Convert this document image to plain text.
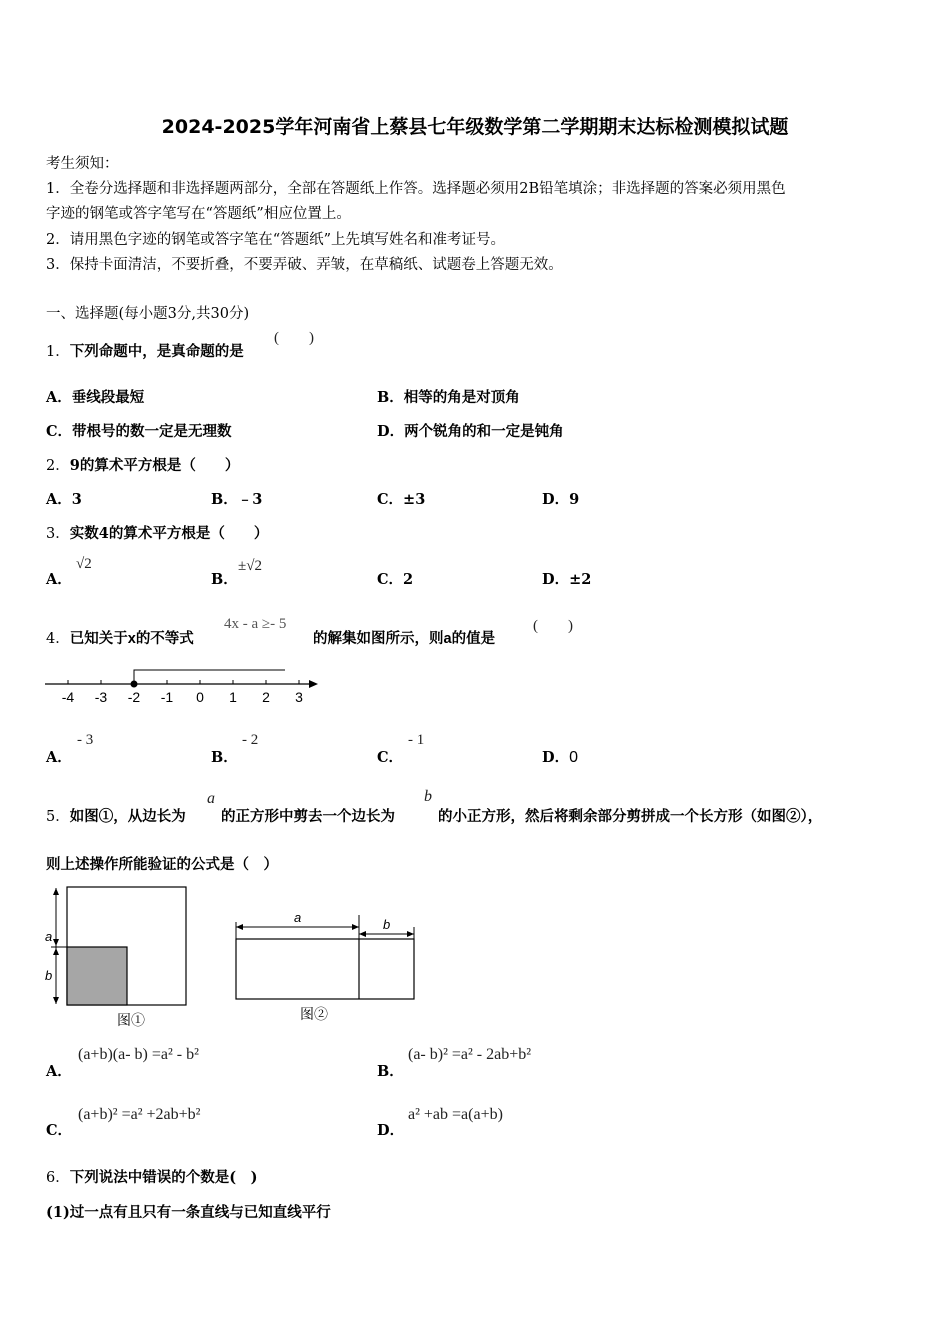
2024-2025学年河南省上蔡县七年级数学第二学期期末达标检测模拟试题
考生须知：
1．全卷分选择题和非选择题两部分，全部在答题纸上作答。选择题必须用2B铅笔填涂；非选择题的答案必须用黑色
字迹的钢笔或答字笔写在“答题纸”相应位置上。
2．请用黑色字迹的钢笔或答字笔在“答题纸”上先填写姓名和准考证号。
3．保持卡面清洁，不要折叠，不要弄破、弄皱，在草稿纸、试题卷上答题无效。
一、选择题(每小题3分,共30分)
1．下列命题中，是真命题的是
(　　)
A．垂线段最短	B．相等的角是对顶角
C．带根号的数一定是无理数	D．两个锐角的和一定是钝角
2．9的算术平方根是（　　）
A．3	B．﹣3	C．±3	D．9
3．实数4的算术平方根是（　　）
A．
√2
B．
±√2
C．2	D．±2
4．已知关于x的不等式
4x - a ≥- 5
的解集如图所示，则a的值是
(　　)
-4 -3 -2 -1 0 1 2 3
A．
- 3
B．
- 2
C．
- 1
D．0
5．如图①，从边长为
a
的正方形中剪去一个边长为
b
的小正方形，然后将剩余部分剪拼成一个长方形（如图②），
则上述操作所能验证的公式是（　）
a
b
图①
a	b
图②
A．
(a+b)(a- b) =a² - b²
B．
(a- b)² =a² - 2ab+b²
C．
(a+b)² =a² +2ab+b²
D．
a² +ab =a(a+b)
6．下列说法中错误的个数是(　)
(1)过一点有且只有一条直线与已知直线平行
